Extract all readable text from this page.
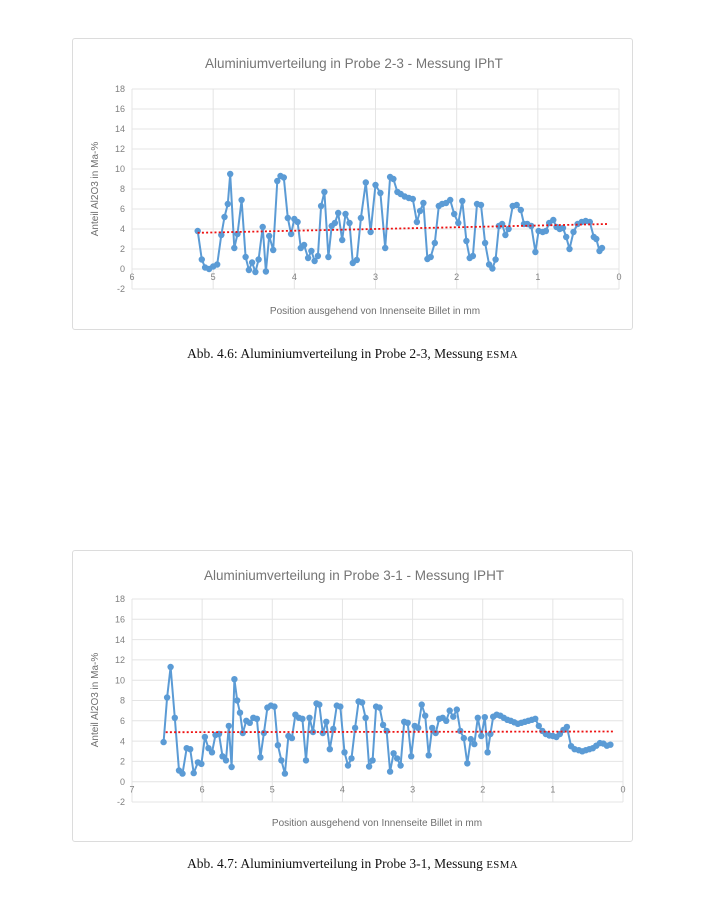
Aluminiumverteilung in Probe 2-3 - Messung IPhT
18
16
14
12
10
8
6
4
2
0
-2
6	5	4	3	2	1	0
Position ausgehend von Innenseite Billet in mm
Anteil Al2O3 in Ma-%
Abb. 4.6: Aluminiumverteilung in Probe 2-3, Messung ESMA
Aluminiumverteilung in Probe 3-1 - Messung IPHT
18
16
14
12
10
8
6
4
2
0
-2
7	6	5	4	3	2	1	0
Position ausgehend von Innenseite Billet in mm
Anteil Al2O3 in Ma-%
Abb. 4.7: Aluminiumverteilung in Probe 3-1, Messung ESMA
